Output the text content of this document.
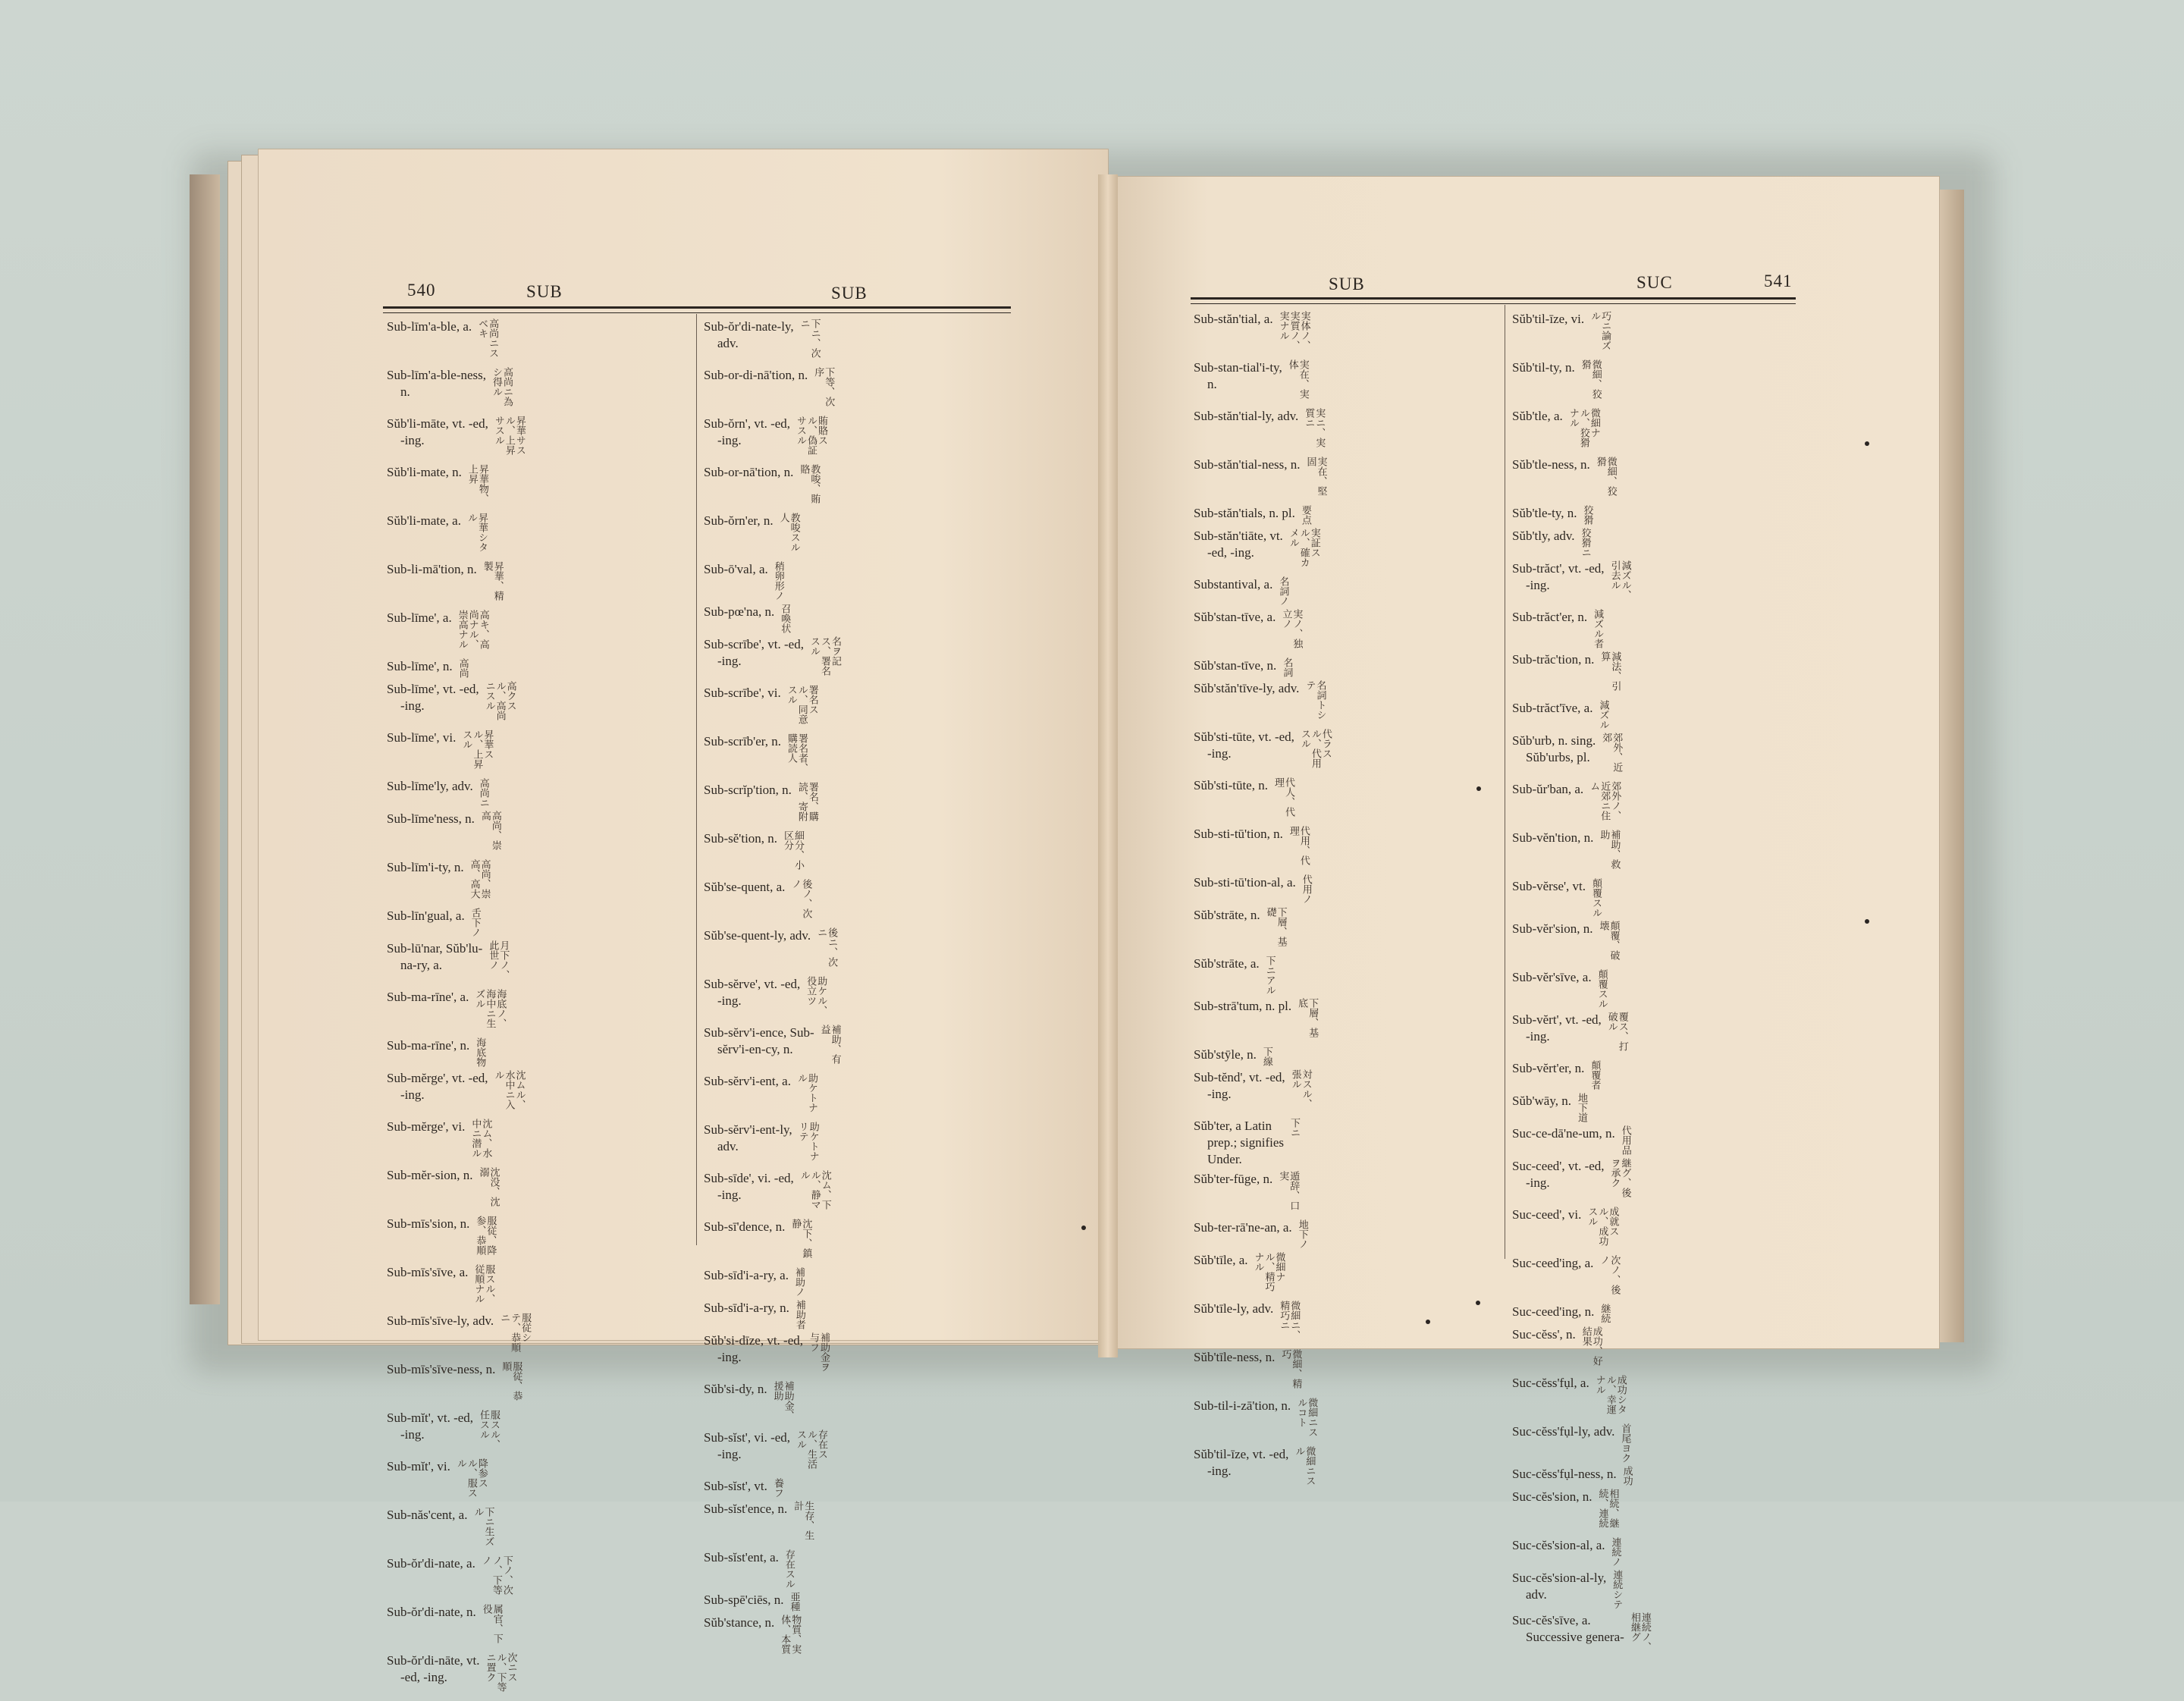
540	SUB	SUB	SUB	SUC	541
Sub-līm'a-ble, a.	高尚ニスベキ
Sub-līm'a-ble-ness,
n.	高尚ニ為シ得ル
Sŭb'li-māte, vt. -ed,
-ing.	昇華サスル、上昇サスル
Sŭb'li-mate, n.	昇華物、上昇
Sŭb'li-mate, a.	昇華シタル
Sub-li-mā'tion, n.	昇華、精製
Sub-līme', a.	高キ、高尚ナル、崇高ナル
Sub-līme', n. 高尚
Sub-līme', vt. -ed,
-ing.	高クスル、高尚ニスル
Sub-līme', vi.	昇華スル、上昇スル
Sub-līme'ly, adv. 高尚ニ
Sub-līme'ness, n.	高尚、崇高
Sub-līm'i-ty, n.	高尚、崇高、高大
Sub-līn'gual, a. 舌下ノ
Sub-lū'nar, Sŭb'lu-
na-ry, a.	月下ノ、此世ノ
Sub-ma-rīne', a.	海底ノ、海中ニ生ズル
Sub-ma-rīne', n. 海底物
Sub-mĕrge', vt. -ed,
-ing.	沈ムル、水中ニ入ル
Sub-mĕrge', vi.	沈ム、水中ニ潜ル
Sub-mĕr-sion, n.	沈没、沈溺
Sub-mīs'sion, n.	服従、降参、恭順
Sub-mīs'sīve, a.	服スル、従順ナル
Sub-mīs'sīve-ly, adv.	服従シテ、恭順ニ
Sub-mīs'sīve-ness, n.	服従、恭順
Sub-mĭt', vt. -ed,
-ing.	服スル、任スル
Sub-mĭt', vi.	降参スル、服スル
Sub-năs'cent, a.	下ニ生ズル
Sub-ŏr'di-nate, a.	下ノ、次ノ、下等ノ
Sub-ŏr'di-nate, n.	属官、下役
Sub-ŏr'di-nāte, vt.
-ed, -ing.	次ニスル、下等ニ置ク
Sub-ŏr'di-nate-ly,
adv.	下ニ、次ニ
Sub-or-di-nā'tion, n.	下等、次序
Sub-ŏrn', vt. -ed,
-ing.	賄賂スル、偽証サスル
Sub-or-nā'tion, n.	教唆、賄賂
Sub-ŏrn'er, n.	教唆スル人
Sub-ō'val, a. 稍卵形ノ
Sub-pœ'na, n. 召喚状
Sub-scrībe', vt. -ed,
-ing.	名ヲ記ス、署名スル
Sub-scrībe', vi.	署名スル、同意スル
Sub-scrīb'er, n.	署名者、購読人
Sub-scrĭp'tion, n.	署名、購読、寄附
Sub-sĕ'tion, n.	細分、小区分
Sŭb'se-quent, a.	後ノ、次ノ
Sŭb'se-quent-ly, adv.	後ニ、次ニ
Sub-sĕrve', vt. -ed,
-ing.	助ケル、役立ツ
Sub-sĕrv'i-ence, Sub-
sĕrv'i-en-cy, n.	補助、有益
Sub-sĕrv'i-ent, a.	助ケトナル
Sub-sĕrv'i-ent-ly,
adv.	助ケトナリテ
Sub-sīde', vi. -ed,
-ing.	沈ム、下ル、静マル
Sub-sī'dence, n.	沈下、鎮静
Sub-sīd'i-a-ry, a. 補助ノ
Sub-sīd'i-a-ry, n. 補助者
Sŭb'si-dīze, vt. -ed,
-ing.	補助金ヲ与フ
Sŭb'si-dy, n.	補助金、援助
Sub-sĭst', vi. -ed,
-ing.	存在スル、生活スル
Sub-sĭst', vt. 養フ
Sub-sĭst'ence, n.	生存、生計
Sub-sĭst'ent, a. 存在スル
Sub-spē'ciēs, n. 亜種
Sŭb'stance, n.	物質、実体、本質
Sub-stăn'tial, a.	実体ノ、実質ノ、実ナル
Sub-stan-tial'i-ty,
n.	実在、実体
Sub-stăn'tial-ly, adv.	実ニ、実質ニ
Sub-stăn'tial-ness, n.	実在、堅固
Sub-stăn'tials, n. pl. 要点
Sub-stăn'tiāte, vt.
-ed, -ing.	実証スル、確カメル
Substantival, a. 名詞ノ
Sŭb'stan-tīve, a.	実ノ、独立ノ
Sŭb'stan-tīve, n. 名詞
Sŭb'stăn'tīve-ly, adv.	名詞トシテ
Sŭb'sti-tūte, vt. -ed,
-ing.	代ラスル、代用スル
Sŭb'sti-tūte, n.	代人、代理
Sub-sti-tū'tion, n.	代用、代理
Sub-sti-tū'tion-al, a. 代用ノ
Sŭb'strāte, n.	下層、基礎
Sŭb'strāte, a. 下ニアル
Sub-strā'tum, n. pl.	下層、基底
Sŭb'stȳle, n. 下線
Sub-tĕnd', vt. -ed,
-ing.	対スル、張ル
Sŭb'ter, a Latin
prep.; signifies
Under.
下ニ
Sŭb'ter-fūge, n.	遁辞、口実
Sub-ter-rā'ne-an, a. 地下ノ
Sŭb'tīle, a.	微細ナル、精巧ナル
Sŭb'tīle-ly, adv.	微細ニ、精巧ニ
Sŭb'tīle-ness, n.	微細、精巧
Sub-til-i-zā'tion, n.	微細ニスルコト
Sŭb'til-īze, vt. -ed,
-ing.	微細ニスル
Sŭb'til-īze, vi.	巧ニ論ズル
Sŭb'til-ty, n.	微細、狡猾
Sŭb'tle, a.	微細ナル、狡猾ナル
Sŭb'tle-ness, n.	微細、狡猾
Sŭb'tle-ty, n. 狡猾
Sŭb'tly, adv. 狡猾ニ
Sub-trăct', vt. -ed,
-ing.	減ズル、引去ル
Sub-trăct'er, n. 減ズル者
Sub-trăc'tion, n.	減法、引算
Sub-trăct'īve, a. 減ズル
Sŭb'urb, n. sing.
Sŭb'urbs, pl.	郊外、近郊
Sub-ŭr'ban, a.	郊外ノ、近郊ニ住ム
Sub-vĕn'tion, n.	補助、救助
Sub-vĕrse', vt. 顛覆スル
Sub-vĕr'sion, n.	顛覆、破壊
Sub-vĕr'sīve, a. 顛覆スル
Sub-vĕrt', vt. -ed,
-ing.	覆ス、打破ル
Sub-vĕrt'er, n. 顛覆者
Sŭb'wāy, n. 地下道
Suc-ce-dā'ne-um, n. 代用品
Suc-ceed', vt. -ed,
-ing.	継グ、後ヲ承ク
Suc-ceed', vi.	成就スル、成功スル
Suc-ceed'ing, a.	次ノ、後ノ
Suc-ceed'ing, n. 継続
Suc-cĕss', n.	成功、好結果
Suc-cĕss'fụl, a.	成功シタル、幸運ナル
Suc-cĕss'fụl-ly, adv. 首尾ヨク
Suc-cĕss'fụl-ness, n. 成功
Suc-cĕs'sion, n.	相続、継続、連続
Suc-cĕs'sion-al, a. 連続ノ
Suc-cĕs'sion-al-ly,
adv.	連続シテ
Suc-cĕs'sīve, a.
Successive genera-	連続ノ、相継グ
